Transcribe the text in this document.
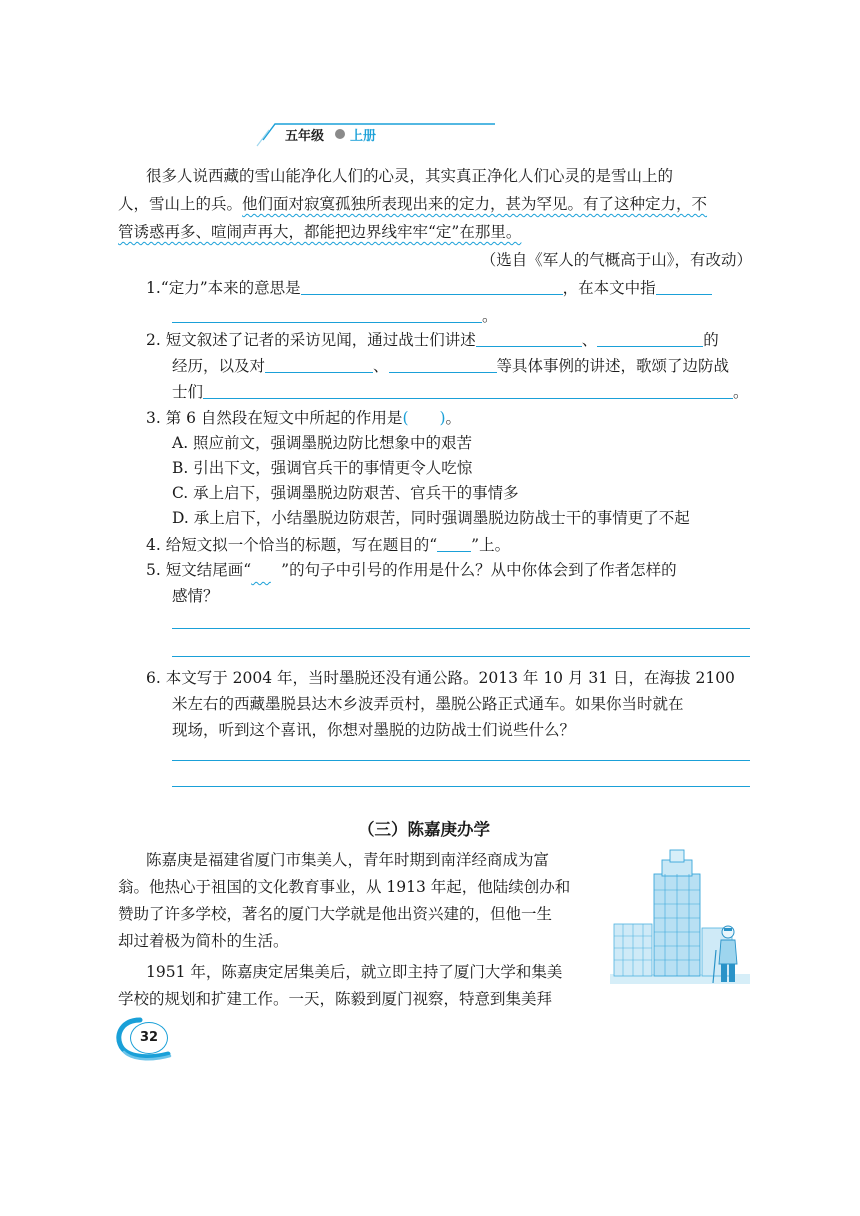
五年级 上册
很多人说西藏的雪山能净化人们的心灵，其实真正净化人们心灵的是雪山上的
人，雪山上的兵。他们面对寂寞孤独所表现出来的定力，甚为罕见。有了这种定力，不
管诱惑再多、喧闹声再大，都能把边界线牢牢“定”在那里。
（选自《军人的气概高于山》，有改动）
1.“定力”本来的意思是	，在本文中指
。
2. 短文叙述了记者的采访见闻，通过战士们讲述	、	的
经历，以及对	、	等具体事例的讲述，歌颂了边防战
士们	。
3. 第 6 自然段在短文中所起的作用是(　　)。
A. 照应前文，强调墨脱边防比想象中的艰苦
B. 引出下文，强调官兵干的事情更令人吃惊
C. 承上启下，强调墨脱边防艰苦、官兵干的事情多
D. 承上启下，小结墨脱边防艰苦，同时强调墨脱边防战士干的事情更了不起
4. 给短文拟一个恰当的标题，写在题目的“ ”上。
5. 短文结尾画“ ”的句子中引号的作用是什么？从中你体会到了作者怎样的
感情？
6. 本文写于 2004 年，当时墨脱还没有通公路。2013 年 10 月 31 日，在海拔 2100
米左右的西藏墨脱县达木乡波弄贡村，墨脱公路正式通车。如果你当时就在
现场，听到这个喜讯，你想对墨脱的边防战士们说些什么？
（三）陈嘉庚办学
陈嘉庚是福建省厦门市集美人，青年时期到南洋经商成为富
翁。他热心于祖国的文化教育事业，从 1913 年起，他陆续创办和
赞助了许多学校，著名的厦门大学就是他出资兴建的，但他一生
却过着极为简朴的生活。
1951 年，陈嘉庚定居集美后，就立即主持了厦门大学和集美
学校的规划和扩建工作。一天，陈毅到厦门视察，特意到集美拜
32
